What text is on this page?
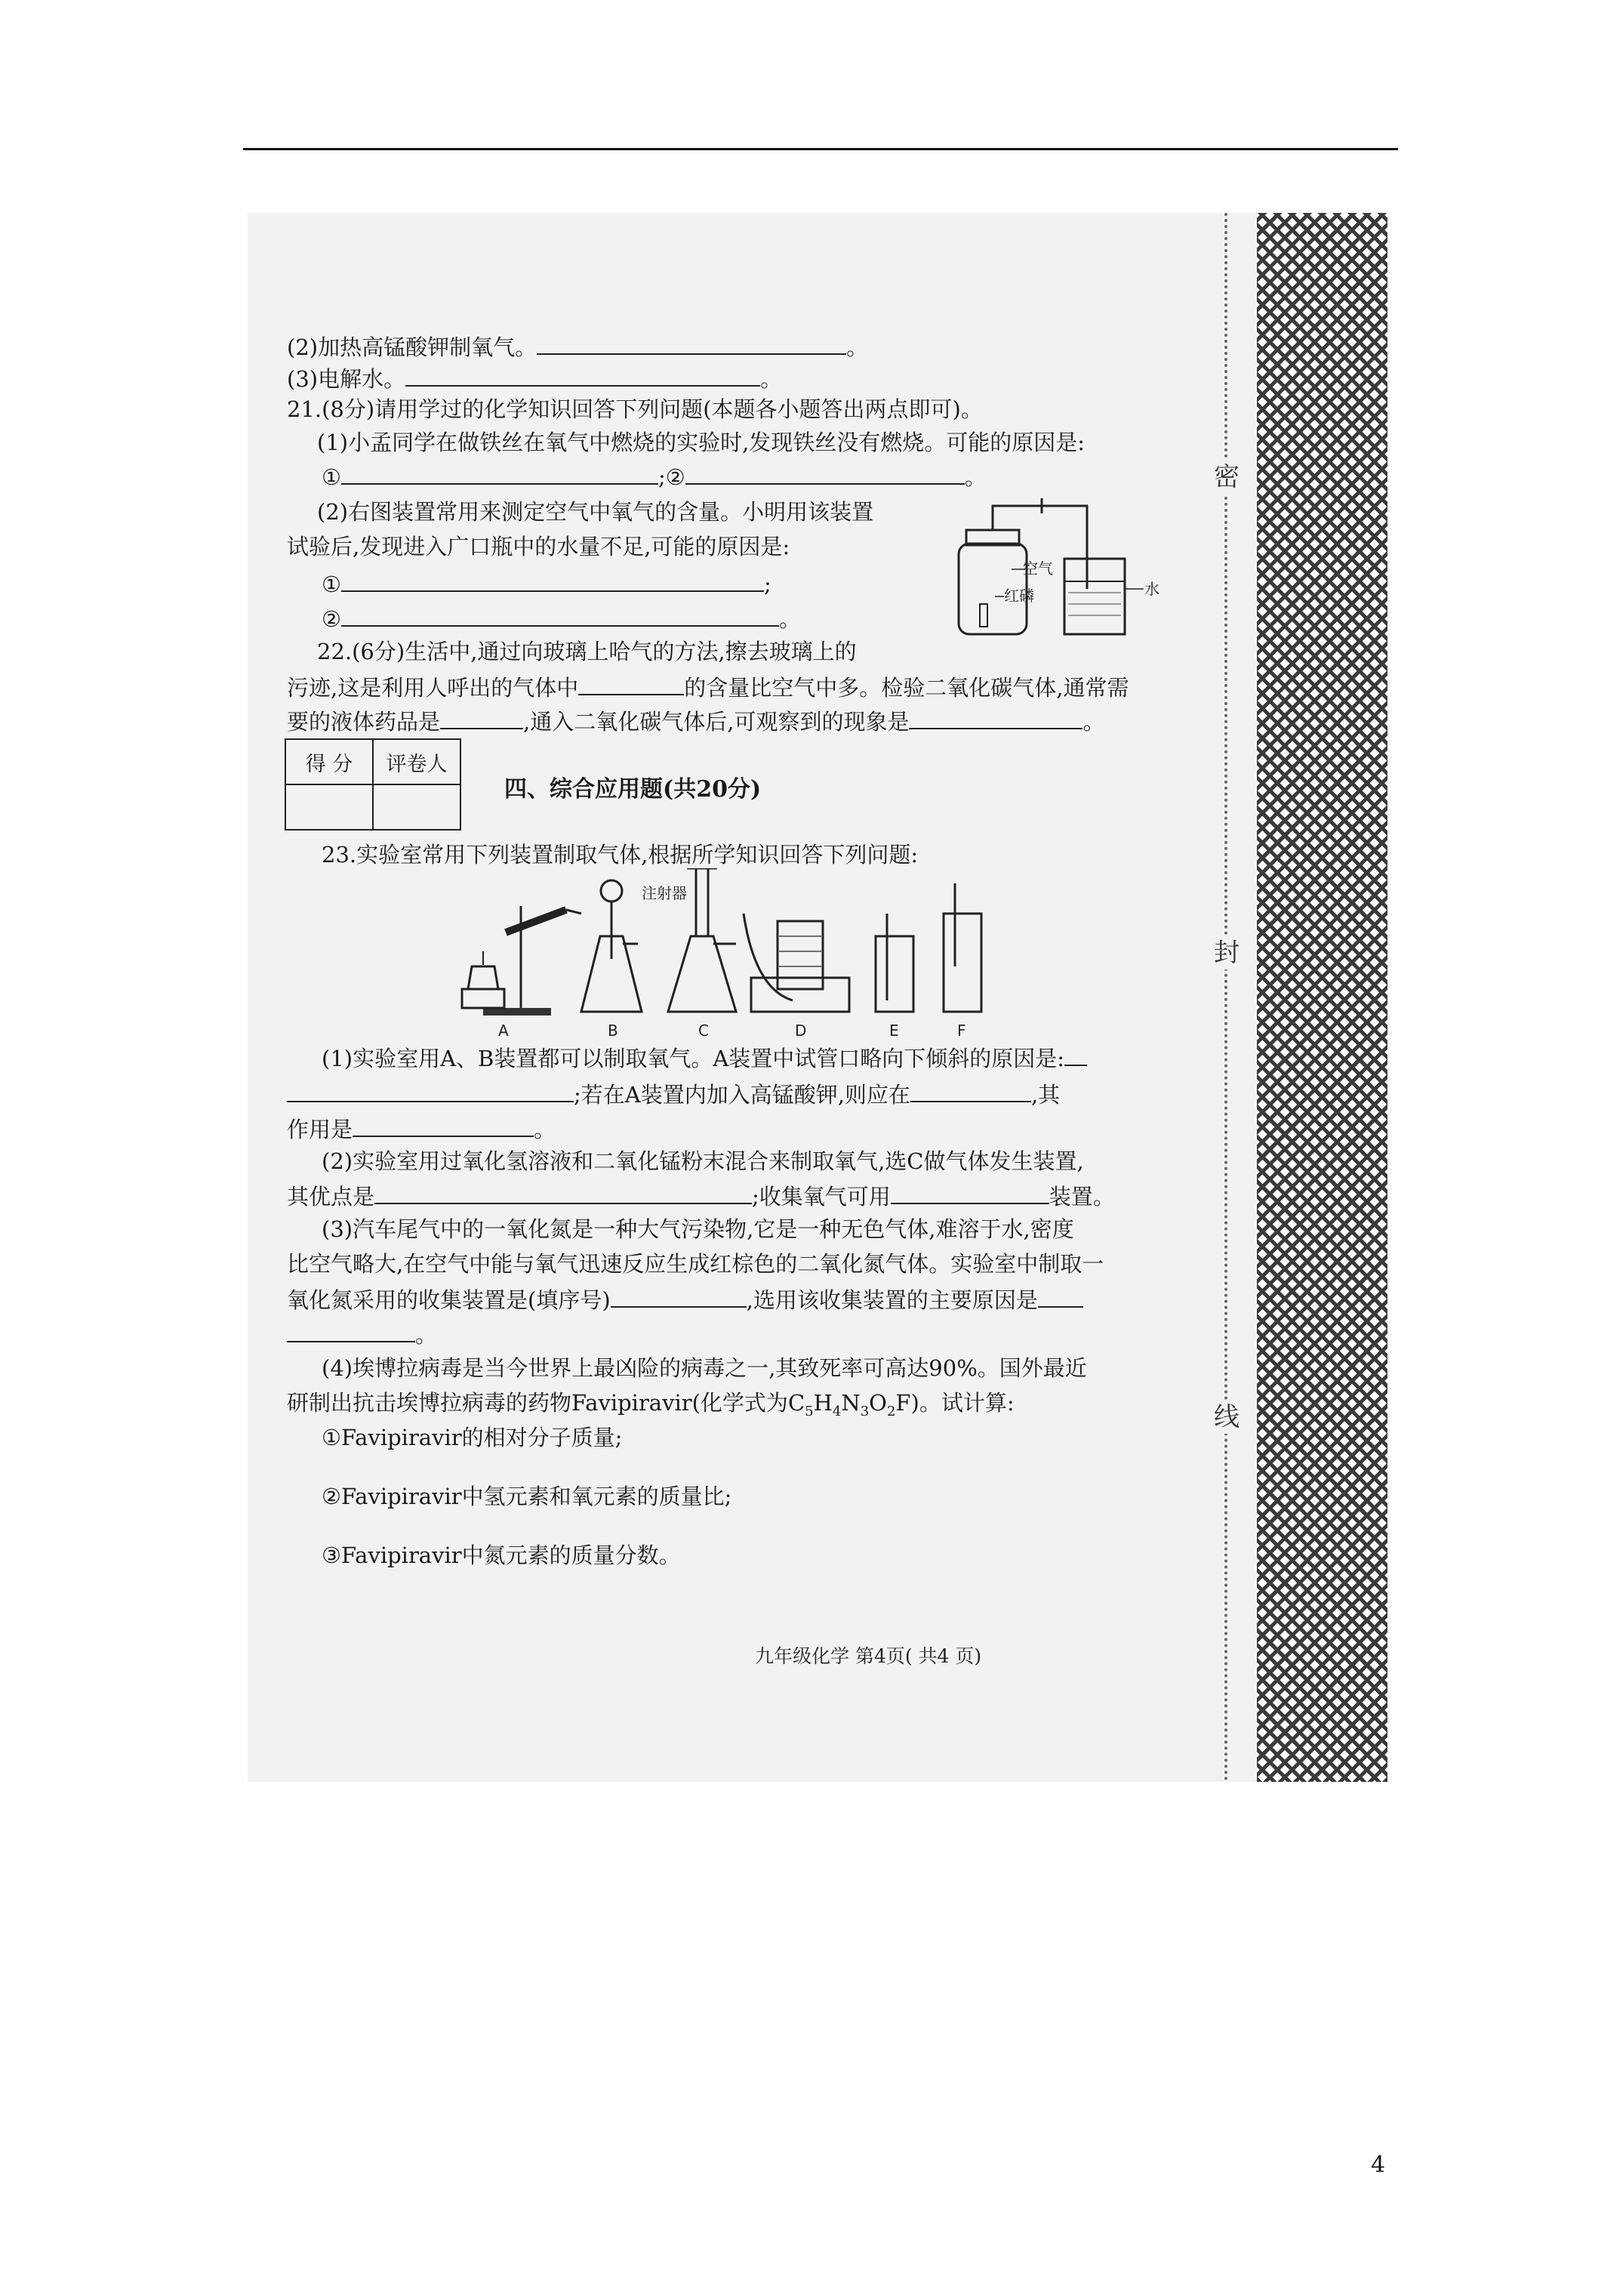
密
封
线
(2)加热高锰酸钾制氧气。	。
(3)电解水。	。
21.(8分)请用学过的化学知识回答下列问题(本题各小题答出两点即可)。
(1)小孟同学在做铁丝在氧气中燃烧的实验时,发现铁丝没有燃烧。可能的原因是:
①	;②	。
(2)右图装置常用来测定空气中氧气的含量。小明用该装置
试验后,发现进入广口瓶中的水量不足,可能的原因是:
①	;
②	。
空气
红磷	水
22.(6分)生活中,通过向玻璃上哈气的方法,擦去玻璃上的
污迹,这是利用人呼出的气体中	的含量比空气中多。检验二氧化碳气体,通常需
要的液体药品是	,通入二氧化碳气体后,可观察到的现象是	。
得 分	评卷人

四、综合应用题(共20分)
23.实验室常用下列装置制取气体,根据所学知识回答下列问题:
注射器
A	B	C	D	E	F
(1)实验室用A、B装置都可以制取氧气。A装置中试管口略向下倾斜的原因是:
;若在A装置内加入高锰酸钾,则应在	,其
作用是	。
(2)实验室用过氧化氢溶液和二氧化锰粉末混合来制取氧气,选C做气体发生装置,
其优点是	;收集氧气可用	装置。
(3)汽车尾气中的一氧化氮是一种大气污染物,它是一种无色气体,难溶于水,密度
比空气略大,在空气中能与氧气迅速反应生成红棕色的二氧化氮气体。实验室中制取一
氧化氮采用的收集装置是(填序号)	,选用该收集装置的主要原因是
。
(4)埃博拉病毒是当今世界上最凶险的病毒之一,其致死率可高达90%。国外最近
研制出抗击埃博拉病毒的药物Favipiravir(化学式为$C_5H_4N_3O_2F$)。试计算:
①Favipiravir的相对分子质量;
②Favipiravir中氢元素和氧元素的质量比;
③Favipiravir中氮元素的质量分数。
九年级化学 第4页( 共4 页)
4
